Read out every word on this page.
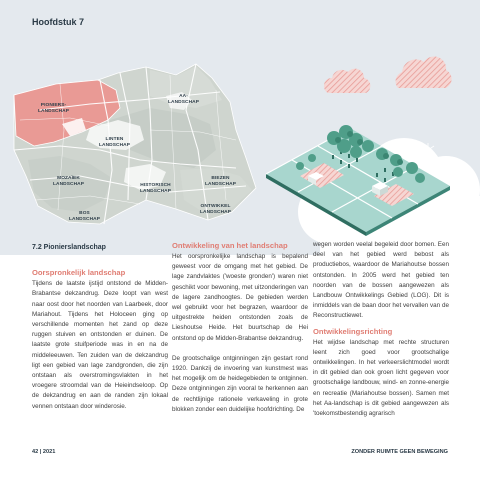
Hoofdstuk 7
PIONIERS-
LANDSCHAP
AA-
LANDSCHAP
LINTEN
LANDSCHAP
MOZAÏEK
LANDSCHAP	HISTORISCH
LANDSCHAP
BIEZEN
LANDSCHAP
ONTWIKKEL
LANDSCHAP
BOS
LANDSCHAP
7.2 Pionierslandschap
Oorspronkelijk landschap

Tijdens de laatste ijstijd ontstond de Midden-Brabantse dekzandrug. Deze loopt van west naar oost door het noorden van Laarbeek, door Mariahout. Tijdens het Holoceen ging op verschillende momenten het zand op deze ruggen stuiven en ontstonden er duinen. De laatste grote stuifperiode was in en na de middeleeuwen. Ten zuiden van de dekzandrug ligt een gebied van lage zandgronden, die zijn ontstaan als overstromingsvlakten in het vroegere stroomdal van de Heieindseloop. Op de dekzandrug en aan de randen zijn lokaal vennen ontstaan door winderosie.

Ontwikkeling van het landschap

Het oorspronkelijke landschap is bepalend geweest voor de omgang met het gebied. De lage zandvlaktes ('woeste gronden') waren niet geschikt voor bewoning, met uitzonderingen van de lagere zandhoogtes. De gebieden werden wel gebruikt voor het begrazen, waardoor de uitgestrekte heiden ontstonden zoals de Lieshoutse Heide. Het buurtschap de Hei ontstond op de Midden-Brabantse dekzandrug.

De grootschalige ontginningen zijn gestart rond 1920. Dankzij de invoering van kunstmest was het mogelijk om de heidegebieden te ontginnen. Deze ontginningen zijn vooral te herkennen aan de rechtlijnige rationele verkaveling in grote blokken zonder een duidelijke hoofdrichting. De

wegen worden veelal begeleid door bomen. Een deel van het gebied werd bebost als productiebos, waardoor de Mariahoutse bossen ontstonden. In 2005 werd het gebied ten noorden van de bossen aangewezen als Landbouw Ontwikkelings Gebied (LOG). Dit is inmiddels van de baan door het vervallen van de Reconstructiewet.

Ontwikkelingsrichting

Het wijdse landschap met rechte structuren leent zich goed voor grootschalige ontwikkelingen. In het verkeerslichtmodel wordt in dit gebied dan ook groen licht gegeven voor grootschalige landbouw, wind- en zonne-energie en recreatie (Mariahoutse bossen). Samen met het Aa-landschap is dit gebied aangewezen als 'toekomstbestendig agrarisch

42 | 2021	ZONDER RUIMTE GEEN BEWEGING
